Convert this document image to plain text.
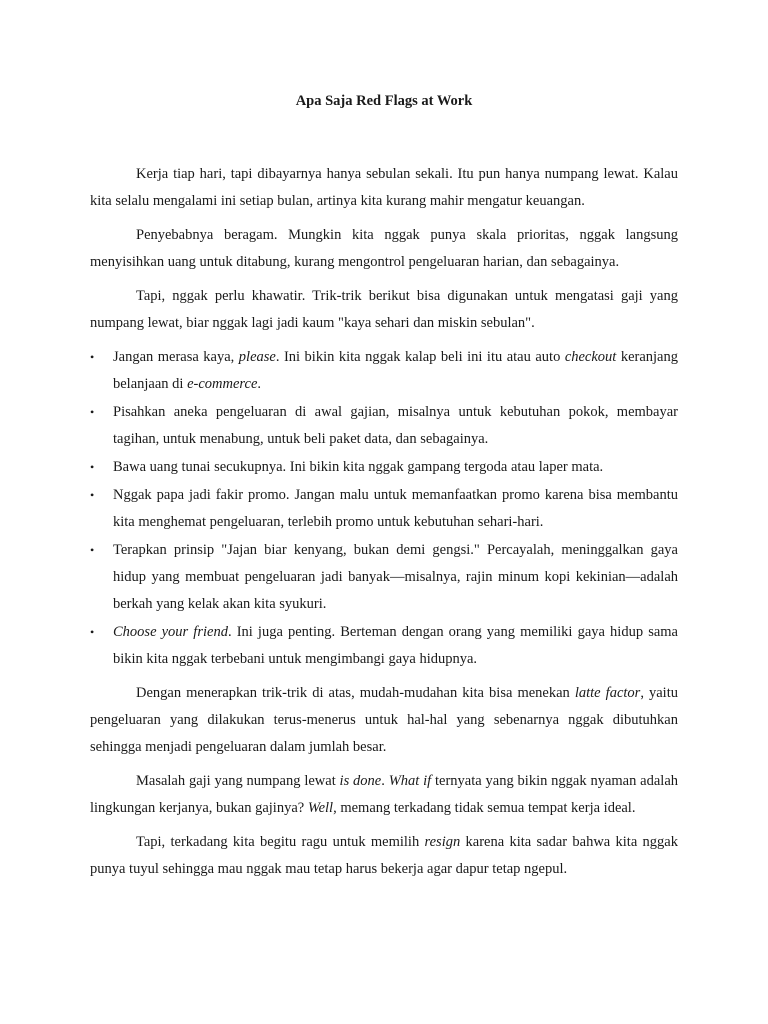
Apa Saja Red Flags at Work

Kerja tiap hari, tapi dibayarnya hanya sebulan sekali. Itu pun hanya numpang lewat. Kalau kita selalu mengalami ini setiap bulan, artinya kita kurang mahir mengatur keuangan.

Penyebabnya beragam. Mungkin kita nggak punya skala prioritas, nggak langsung menyisihkan uang untuk ditabung, kurang mengontrol pengeluaran harian, dan sebagainya.

Tapi, nggak perlu khawatir. Trik-trik berikut bisa digunakan untuk mengatasi gaji yang numpang lewat, biar nggak lagi jadi kaum "kaya sehari dan miskin sebulan".

• Jangan merasa kaya, please. Ini bikin kita nggak kalap beli ini itu atau auto checkout keranjang belanjaan di e-commerce.
• Pisahkan aneka pengeluaran di awal gajian, misalnya untuk kebutuhan pokok, membayar tagihan, untuk menabung, untuk beli paket data, dan sebagainya.
• Bawa uang tunai secukupnya. Ini bikin kita nggak gampang tergoda atau laper mata.
• Nggak papa jadi fakir promo. Jangan malu untuk memanfaatkan promo karena bisa membantu kita menghemat pengeluaran, terlebih promo untuk kebutuhan sehari-hari.
• Terapkan prinsip "Jajan biar kenyang, bukan demi gengsi." Percayalah, meninggalkan gaya hidup yang membuat pengeluaran jadi banyak—misalnya, rajin minum kopi kekinian—adalah berkah yang kelak akan kita syukuri.
• Choose your friend. Ini juga penting. Berteman dengan orang yang memiliki gaya hidup sama bikin kita nggak terbebani untuk mengimbangi gaya hidupnya.

Dengan menerapkan trik-trik di atas, mudah-mudahan kita bisa menekan latte factor, yaitu pengeluaran yang dilakukan terus-menerus untuk hal-hal yang sebenarnya nggak dibutuhkan sehingga menjadi pengeluaran dalam jumlah besar.

Masalah gaji yang numpang lewat is done. What if ternyata yang bikin nggak nyaman adalah lingkungan kerjanya, bukan gajinya? Well, memang terkadang tidak semua tempat kerja ideal.

Tapi, terkadang kita begitu ragu untuk memilih resign karena kita sadar bahwa kita nggak punya tuyul sehingga mau nggak mau tetap harus bekerja agar dapur tetap ngepul.
